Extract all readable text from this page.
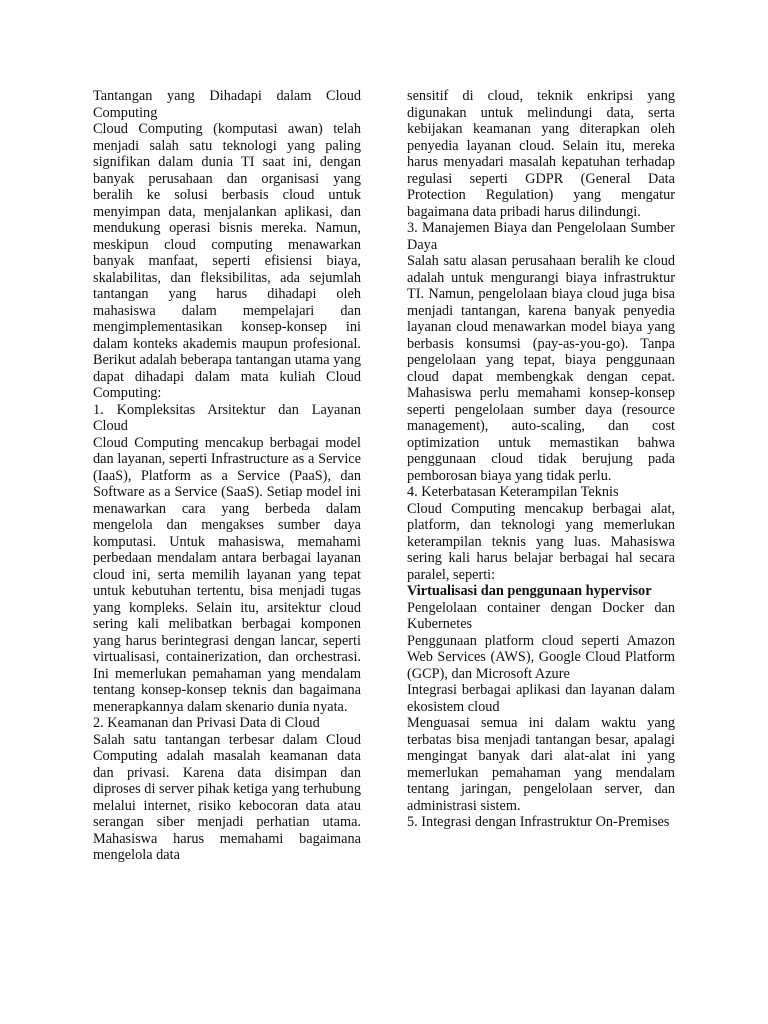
Tantangan yang Dihadapi dalam Cloud Computing

Cloud Computing (komputasi awan) telah menjadi salah satu teknologi yang paling signifikan dalam dunia TI saat ini, dengan banyak perusahaan dan organisasi yang beralih ke solusi berbasis cloud untuk menyimpan data, menjalankan aplikasi, dan mendukung operasi bisnis mereka. Namun, meskipun cloud computing menawarkan banyak manfaat, seperti efisiensi biaya, skalabilitas, dan fleksibilitas, ada sejumlah tantangan yang harus dihadapi oleh mahasiswa dalam mempelajari dan mengimplementasikan konsep-konsep ini dalam konteks akademis maupun profesional. Berikut adalah beberapa tantangan utama yang dapat dihadapi dalam mata kuliah Cloud Computing:

1. Kompleksitas Arsitektur dan Layanan Cloud

Cloud Computing mencakup berbagai model dan layanan, seperti Infrastructure as a Service (IaaS), Platform as a Service (PaaS), dan Software as a Service (SaaS). Setiap model ini menawarkan cara yang berbeda dalam mengelola dan mengakses sumber daya komputasi. Untuk mahasiswa, memahami perbedaan mendalam antara berbagai layanan cloud ini, serta memilih layanan yang tepat untuk kebutuhan tertentu, bisa menjadi tugas yang kompleks. Selain itu, arsitektur cloud sering kali melibatkan berbagai komponen yang harus berintegrasi dengan lancar, seperti virtualisasi, containerization, dan orchestrasi. Ini memerlukan pemahaman yang mendalam tentang konsep-konsep teknis dan bagaimana menerapkannya dalam skenario dunia nyata.

2. Keamanan dan Privasi Data di Cloud

Salah satu tantangan terbesar dalam Cloud Computing adalah masalah keamanan data dan privasi. Karena data disimpan dan diproses di server pihak ketiga yang terhubung melalui internet, risiko kebocoran data atau serangan siber menjadi perhatian utama. Mahasiswa harus memahami bagaimana mengelola data

sensitif di cloud, teknik enkripsi yang digunakan untuk melindungi data, serta kebijakan keamanan yang diterapkan oleh penyedia layanan cloud. Selain itu, mereka harus menyadari masalah kepatuhan terhadap regulasi seperti GDPR (General Data Protection Regulation) yang mengatur bagaimana data pribadi harus dilindungi.

3. Manajemen Biaya dan Pengelolaan Sumber Daya

Salah satu alasan perusahaan beralih ke cloud adalah untuk mengurangi biaya infrastruktur TI. Namun, pengelolaan biaya cloud juga bisa menjadi tantangan, karena banyak penyedia layanan cloud menawarkan model biaya yang berbasis konsumsi (pay-as-you-go). Tanpa pengelolaan yang tepat, biaya penggunaan cloud dapat membengkak dengan cepat. Mahasiswa perlu memahami konsep-konsep seperti pengelolaan sumber daya (resource management), auto-scaling, dan cost optimization untuk memastikan bahwa penggunaan cloud tidak berujung pada pemborosan biaya yang tidak perlu.

4. Keterbatasan Keterampilan Teknis

Cloud Computing mencakup berbagai alat, platform, dan teknologi yang memerlukan keterampilan teknis yang luas. Mahasiswa sering kali harus belajar berbagai hal secara paralel, seperti:

Virtualisasi dan penggunaan hypervisor

Pengelolaan container dengan Docker dan Kubernetes

Penggunaan platform cloud seperti Amazon Web Services (AWS), Google Cloud Platform (GCP), dan Microsoft Azure

Integrasi berbagai aplikasi dan layanan dalam ekosistem cloud

Menguasai semua ini dalam waktu yang terbatas bisa menjadi tantangan besar, apalagi mengingat banyak dari alat-alat ini yang memerlukan pemahaman yang mendalam tentang jaringan, pengelolaan server, dan administrasi sistem.

5. Integrasi dengan Infrastruktur On-Premises
